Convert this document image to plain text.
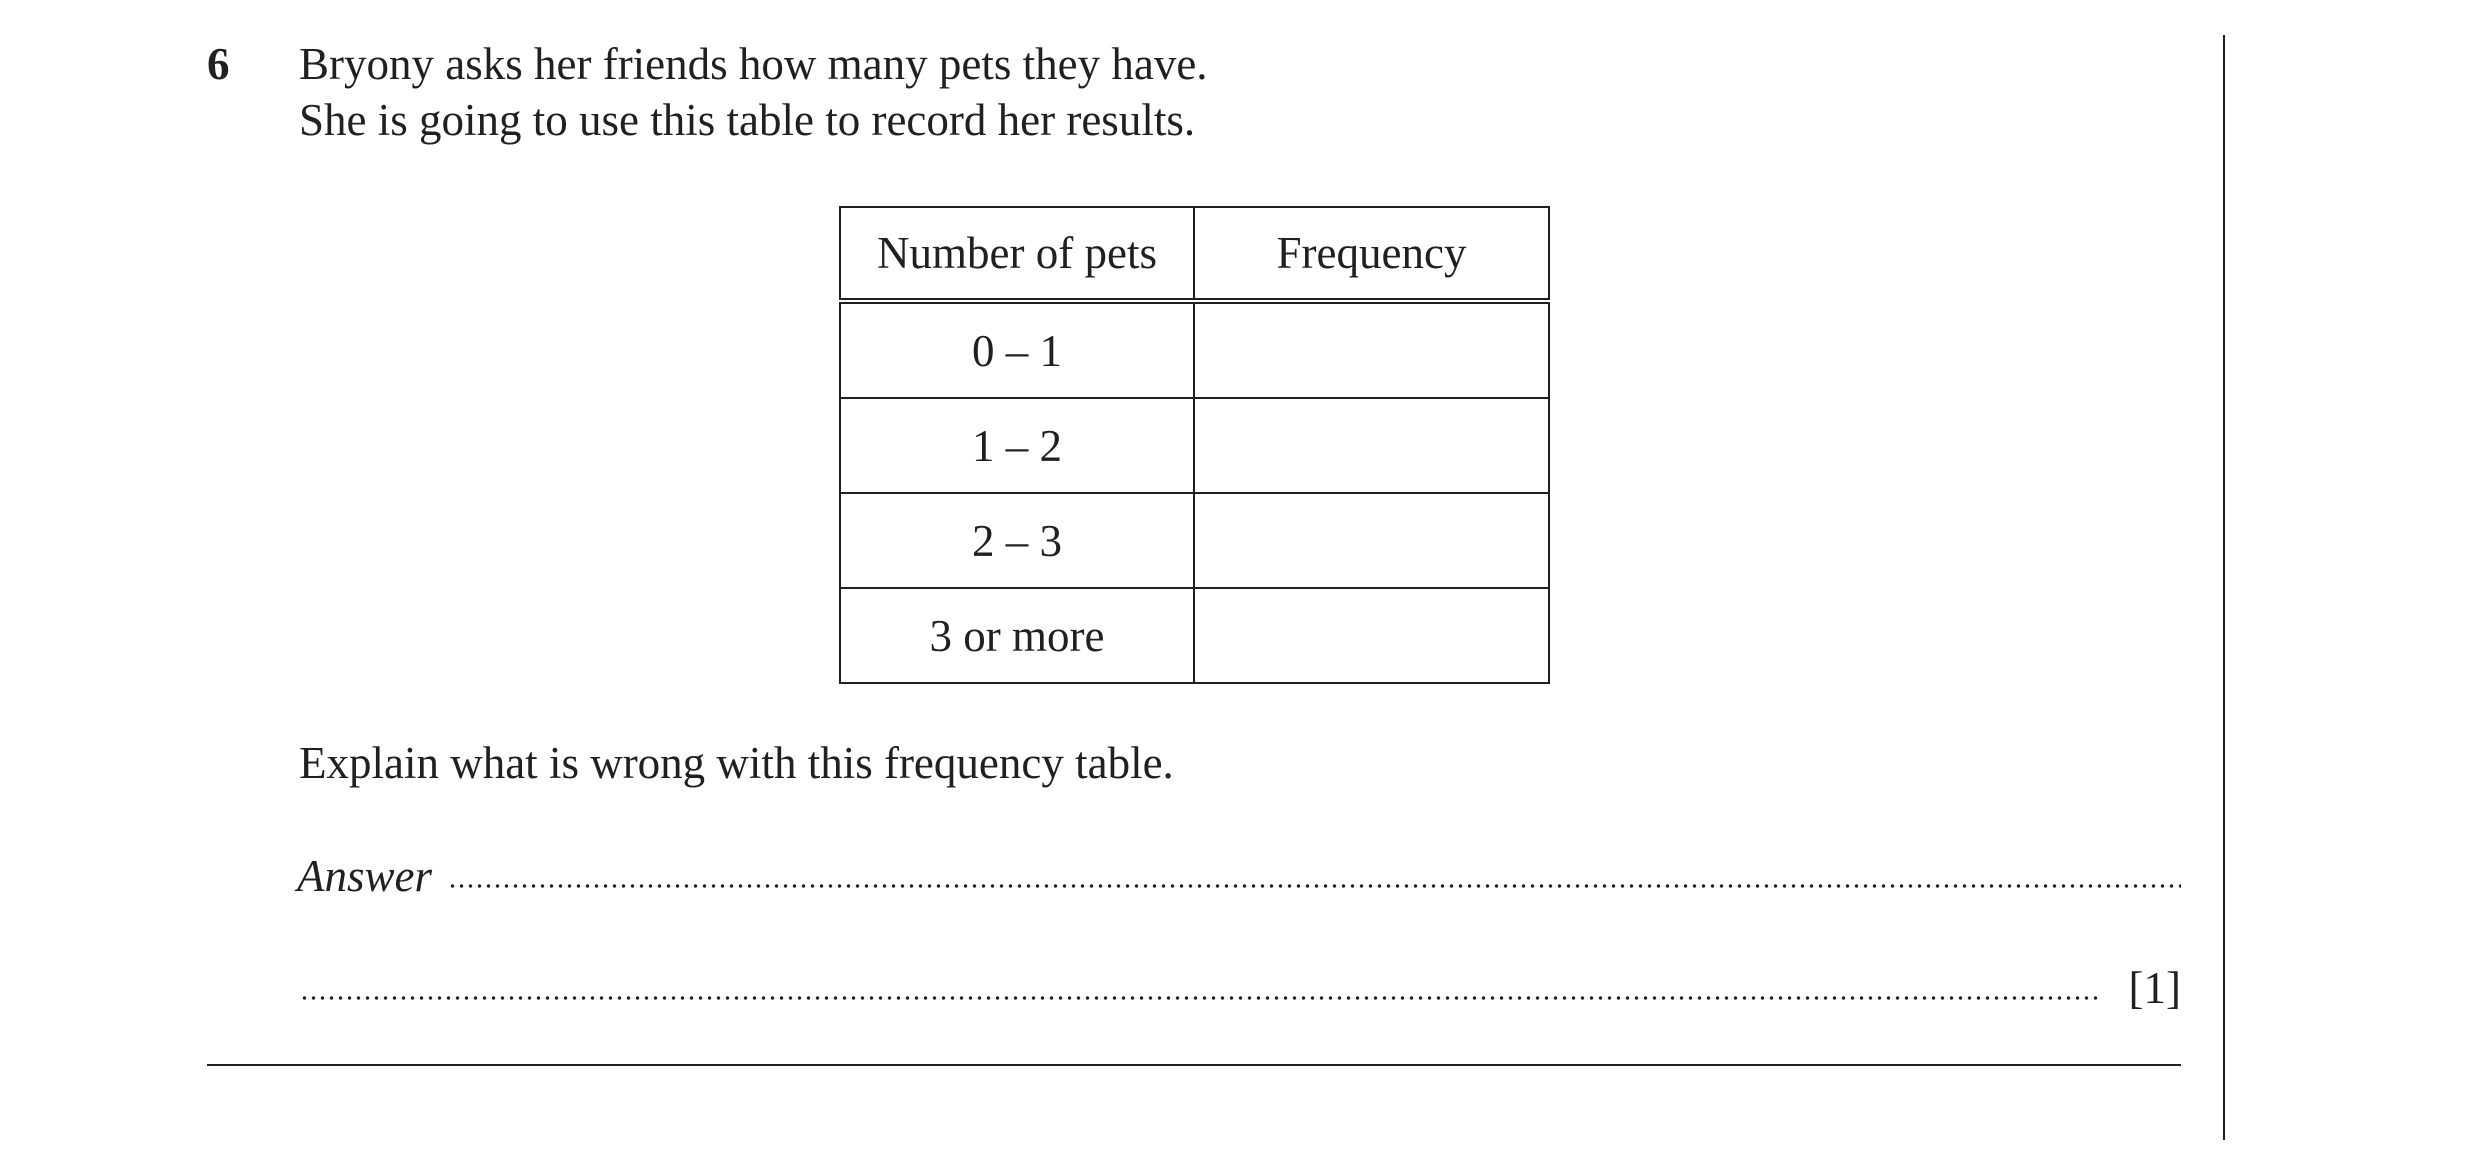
6 Bryony asks her friends how many pets they have.
She is going to use this table to record her results.
Number of pets	Frequency
0 – 1	
1 – 2	
2 – 3	
3 or more	
Explain what is wrong with this frequency table.
Answer
[1]
